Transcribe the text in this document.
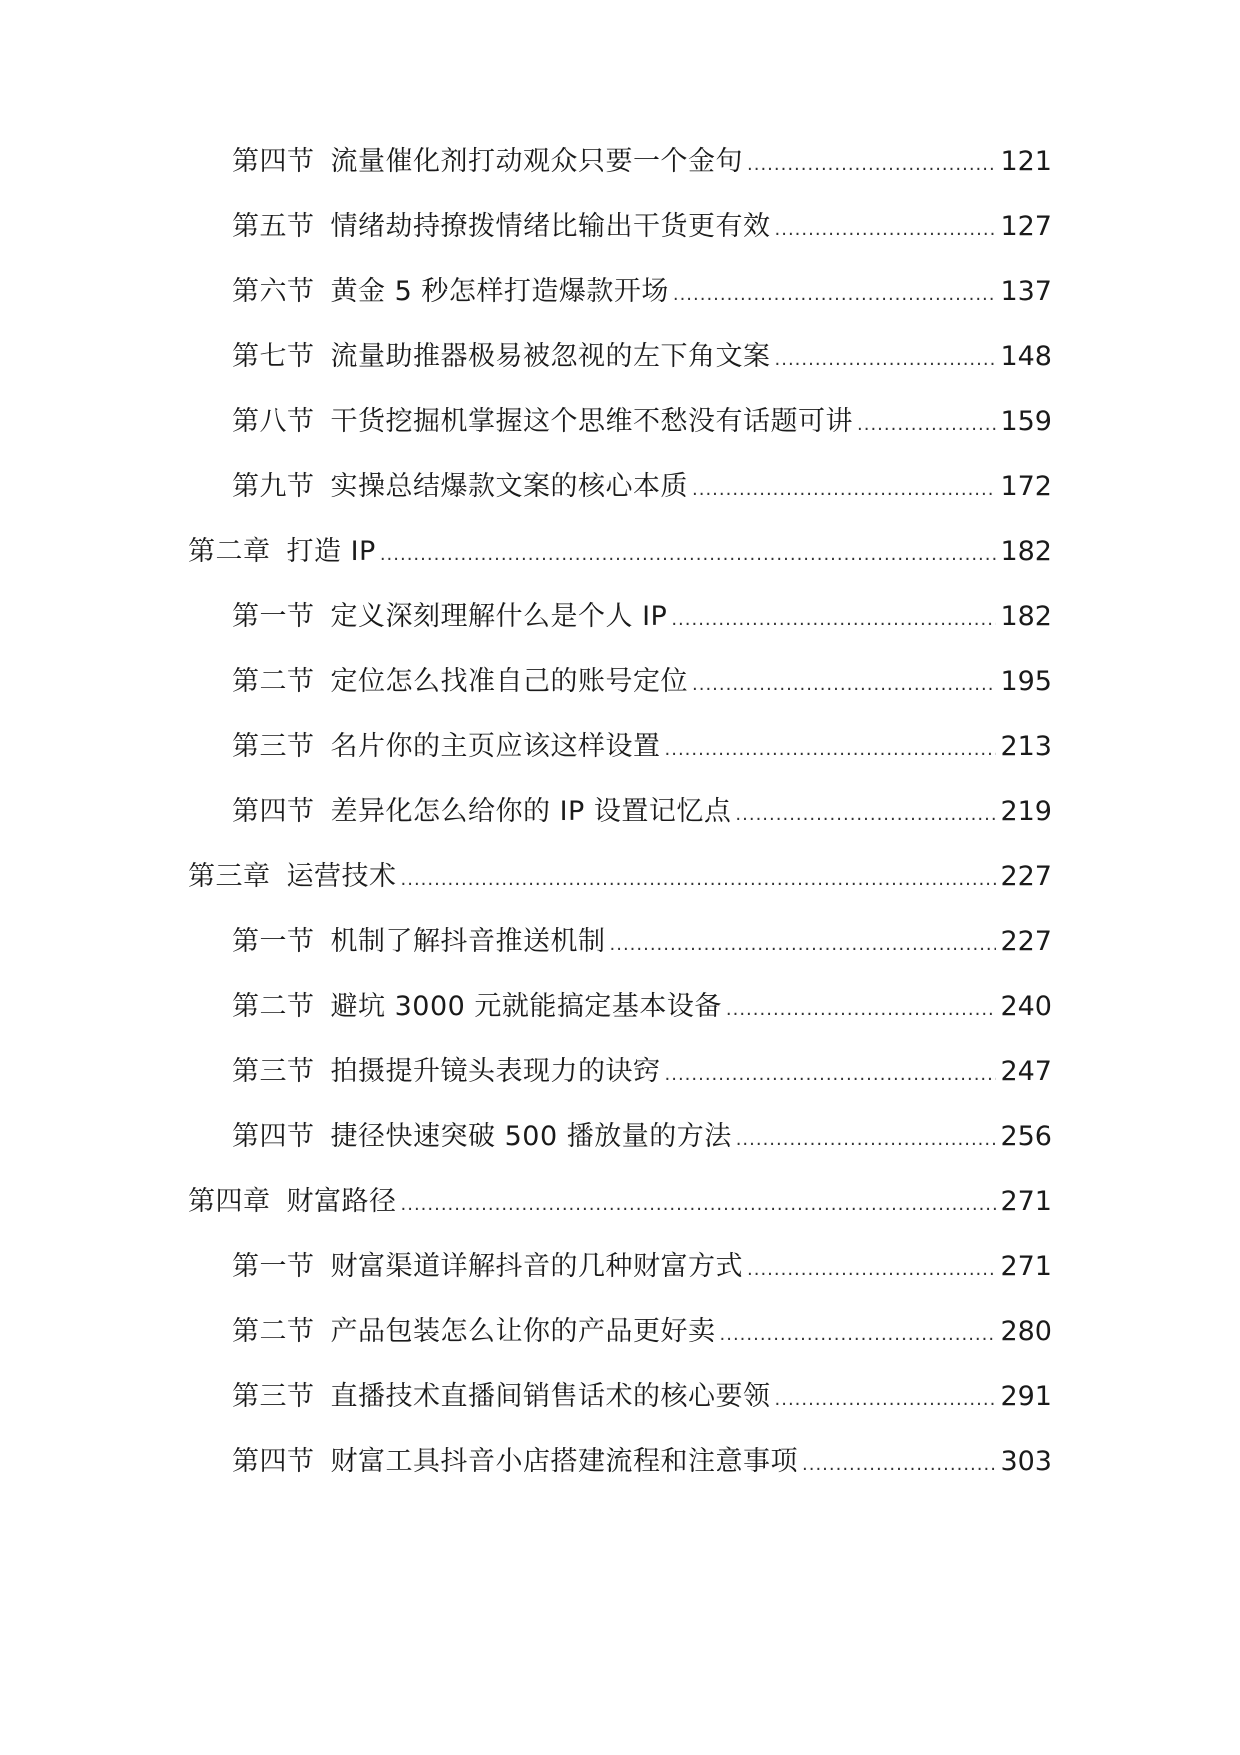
第四节 流量催化剂打动观众只要一个金句 .....	121
第五节 情绪劫持撩拨情绪比输出干货更有效 .....	127
第六节 黄金 5 秒怎样打造爆款开场 .....	137
第七节 流量助推器极易被忽视的左下角文案 .....	148
第八节 干货挖掘机掌握这个思维不愁没有话题可讲 .....	159
第九节 实操总结爆款文案的核心本质 .....	172
第二章 打造 IP .....	182
第一节 定义深刻理解什么是个人 IP .....	182
第二节 定位怎么找准自己的账号定位 .....	195
第三节 名片你的主页应该这样设置 .....	213
第四节 差异化怎么给你的 IP 设置记忆点 .....	219
第三章 运营技术 .....	227
第一节 机制了解抖音推送机制 .....	227
第二节 避坑 3000 元就能搞定基本设备 .....	240
第三节 拍摄提升镜头表现力的诀窍 .....	247
第四节 捷径快速突破 500 播放量的方法 .....	256
第四章 财富路径 .....	271
第一节 财富渠道详解抖音的几种财富方式 .....	271
第二节 产品包装怎么让你的产品更好卖 .....	280
第三节 直播技术直播间销售话术的核心要领 .....	291
第四节 财富工具抖音小店搭建流程和注意事项 .....	303
